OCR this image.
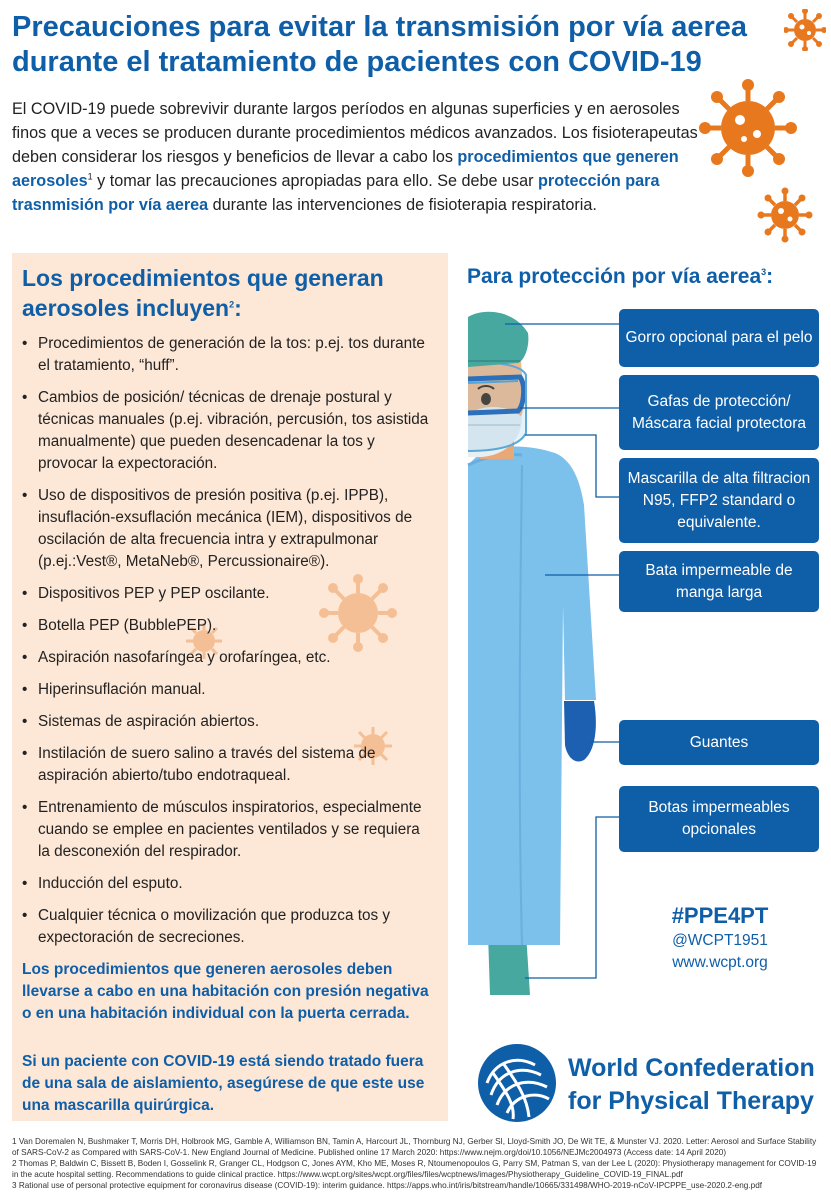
Precauciones para evitar la transmisión por vía aerea
durante el tratamiento de pacientes con COVID-19
El COVID-19 puede sobrevivir durante largos períodos en algunas superficies y en aerosoles finos que a veces se producen durante procedimientos médicos avanzados. Los fisioterapeutas deben considerar los riesgos y beneficios de llevar a cabo los procedimientos que generen aerosoles$^1$ y tomar las precauciones apropiadas para ello. Se debe usar protección para trasnmisión por vía aerea durante las intervenciones de fisioterapia respiratoria.
Los procedimientos que generan aerosoles incluyen$^2$:
• Procedimientos de generación de la tos: p.ej. tos durante el tratamiento, “huff”.
• Cambios de posición/ técnicas de drenaje postural y técnicas manuales (p.ej. vibración, percusión, tos asistida manualmente) que pueden desencadenar la tos y provocar la expectoración.
• Uso de dispositivos de presión positiva (p.ej. IPPB), insuflación-exsuflación mecánica (IEM), dispositivos de oscilación de alta frecuencia intra y extrapulmonar (p.ej.:Vest®, MetaNeb®, Percussionaire®).
• Dispositivos PEP y PEP oscilante.
• Botella PEP (BubblePEP).
• Aspiración nasofaríngea y orofaríngea, etc.
• Hiperinsuflación manual.
• Sistemas de aspiración abiertos.
• Instilación de suero salino a través del sistema de aspiración abierto/tubo endotraqueal.
• Entrenamiento de músculos inspiratorios, especialmente cuando se emplee en pacientes ventilados y se requiera la desconexión del respirador.
• Inducción del esputo.
• Cualquier técnica o movilización que produzca tos y expectoración de secreciones.
Los procedimientos que generen aerosoles deben llevarse a cabo en una habitación con presión negativa o en una habitación individual con la puerta cerrada.
Si un paciente con COVID-19 está siendo tratado fuera de una sala de aislamiento, asegúrese de que este use una mascarilla quirúrgica.
Para protección por vía aerea$^3$:
Gorro opcional para el pelo
Gafas de protección/ Máscara facial protectora
Mascarilla de alta filtracion N95, FFP2 standard o equivalente.
Bata impermeable de manga larga
Guantes
Botas impermeables opcionales
#PPE4PT
@WCPT1951
www.wcpt.org
World Confederation
for Physical Therapy
1 Van Doremalen N, Bushmaker T, Morris DH, Holbrook MG, Gamble A, Williamson BN, Tamin A, Harcourt JL, Thornburg NJ, Gerber SI, Lloyd-Smith JO, De Wit TE, & Munster VJ. 2020. Letter: Aerosol and Surface Stability of SARS-CoV-2 as Compared with SARS-CoV-1. New England Journal of Medicine. Published online 17 March 2020: https://www.nejm.org/doi/10.1056/NEJMc2004973 (Access date: 14 April 2020)
2 Thomas P, Baldwin C, Bissett B, Boden I, Gosselink R, Granger CL, Hodgson C, Jones AYM, Kho ME, Moses R, Ntoumenopoulos G, Parry SM, Patman S, van der Lee L (2020): Physiotherapy management for COVID-19 in the acute hospital setting. Recommendations to guide clinical practice. https://www.wcpt.org/sites/wcpt.org/files/files/wcptnews/images/Physiotherapy_Guideline_COVID-19_FINAL.pdf
3 Rational use of personal protective equipment for coronavirus disease (COVID-19): interim guidance. https://apps.who.int/iris/bitstream/handle/10665/331498/WHO-2019-nCoV-IPCPPE_use-2020.2-eng.pdf
